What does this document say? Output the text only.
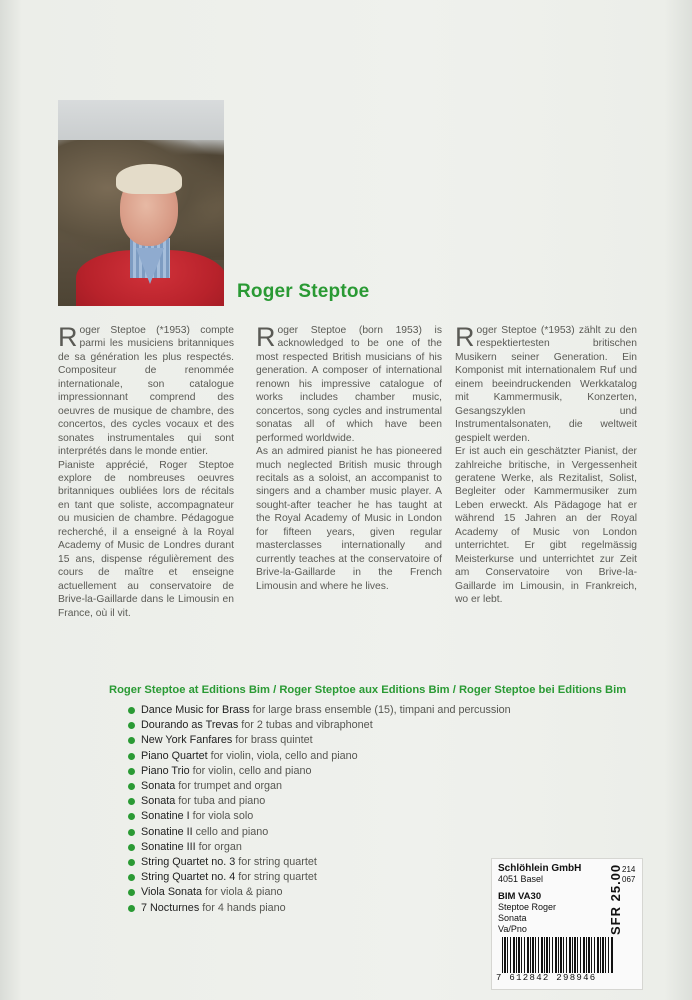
Roger Steptoe

Roger Steptoe (*1953) compte parmi les musiciens britanniques de sa génération les plus respectés. Compositeur de renommée internationale, son catalogue impressionnant comprend des oeuvres de musique de chambre, des concertos, des cycles vocaux et des sonates instrumentales qui sont interprétés dans le monde entier.

Pianiste apprécié, Roger Steptoe explore de nombreuses oeuvres britanniques oubliées lors de récitals en tant que soliste, accompagnateur ou musicien de chambre. Pédagogue recherché, il a enseigné à la Royal Academy of Music de Londres durant 15 ans, dispense régulièrement des cours de maître et enseigne actuellement au conservatoire de Brive-la-Gaillarde dans le Limousin en France, où il vit.

Roger Steptoe (born 1953) is acknowledged to be one of the most respected British musicians of his generation. A composer of international renown his impressive catalogue of works includes chamber music, concertos, song cycles and instrumental sonatas all of which have been performed worldwide.

As an admired pianist he has pioneered much neglected British music through recitals as a soloist, an accompanist to singers and a chamber music player. A sought-after teacher he has taught at the Royal Academy of Music in London for fifteen years, given regular masterclasses internationally and currently teaches at the conservatoire of Brive-la-Gaillarde in the French Limousin and where he lives.

Roger Steptoe (*1953) zählt zu den respektiertesten britischen Musikern seiner Generation. Ein Komponist mit internationalem Ruf und einem beeindruckenden Werkkatalog mit Kammermusik, Konzerten, Gesangszyklen und Instrumentalsonaten, die weltweit gespielt werden.

Er ist auch ein geschätzter Pianist, der zahlreiche britische, in Vergessenheit geratene Werke, als Rezitalist, Solist, Begleiter oder Kammermusiker zum Leben erweckt. Als Pädagoge hat er während 15 Jahren an der Royal Academy of Music von London unterrichtet. Er gibt regelmässig Meisterkurse und unterrichtet zur Zeit am Conservatoire von Brive-la-Gaillarde im Limousin, in Frankreich, wo er lebt.

Roger Steptoe at Editions Bim / Roger Steptoe aux Editions Bim / Roger Steptoe bei Editions Bim
Dance Music for Brass for large brass ensemble (15), timpani and percussion
Dourando as Trevas for 2 tubas and vibraphonet
New York Fanfares for brass quintet
Piano Quartet for violin, viola, cello and piano
Piano Trio for violin, cello and piano
Sonata for trumpet and organ
Sonata for tuba and piano
Sonatine I for viola solo
Sonatine II cello and piano
Sonatine III for organ
String Quartet no. 3 for string quartet
String Quartet no. 4 for string quartet
Viola Sonata for viola & piano
7 Nocturnes for 4 hands piano
Schlöhlein GmbH
4051 Basel
BIM VA30
Steptoe Roger
Sonata
Va/Pno
214
067
SFR 25.00
7 612842 298946
